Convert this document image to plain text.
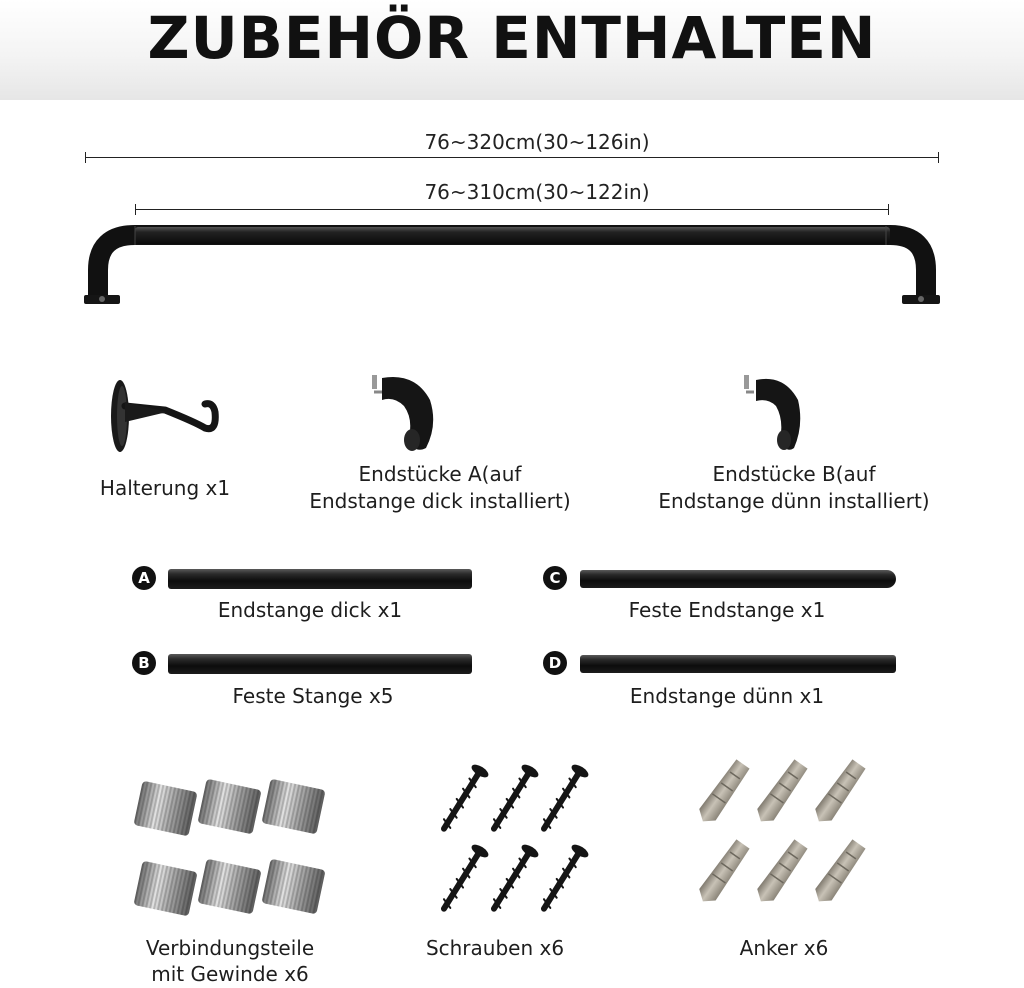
ZUBEHÖR ENTHALTEN
76~320cm(30~126in)
76~310cm(30~122in)
Halterung x1
Endstücke A(auf
Endstange dick installiert)
Endstücke B(auf
Endstange dünn installiert)
A
Endstange dick x1
C
Feste Endstange x1
B
Feste Stange x5
D
Endstange dünn x1
Verbindungsteile
mit Gewinde x6
Schrauben x6	Anker x6
